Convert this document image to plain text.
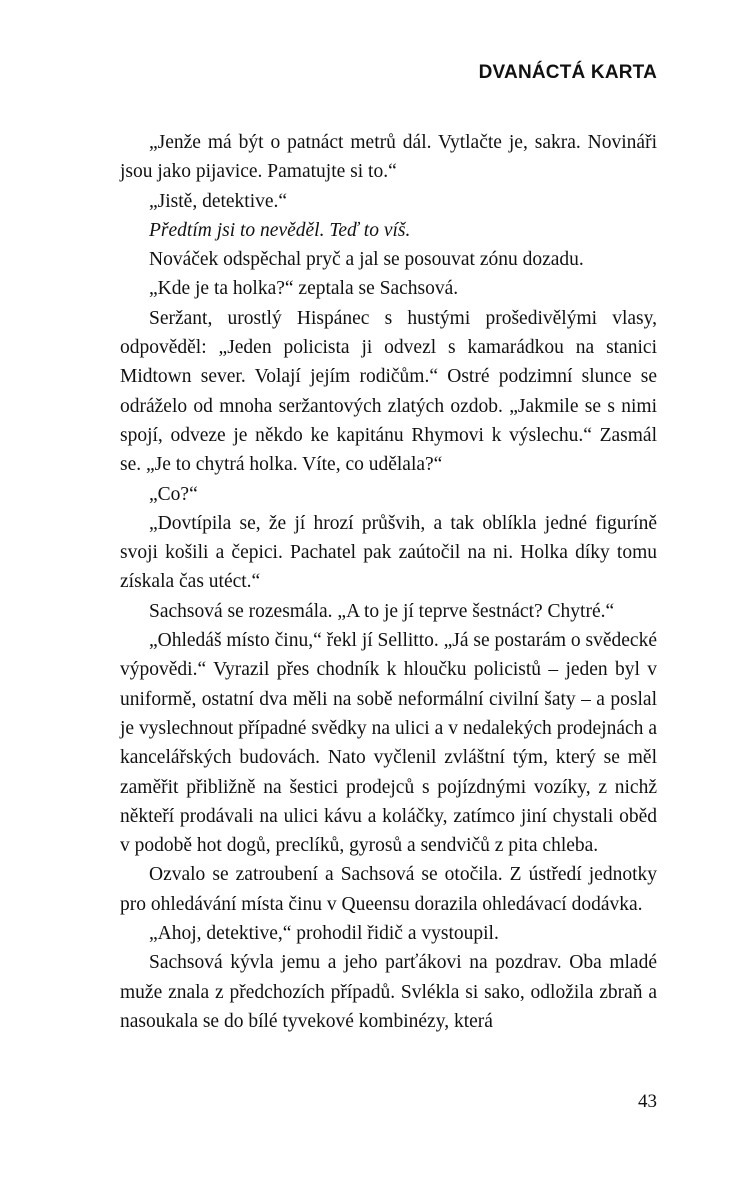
DVANÁCTÁ KARTA

„Jenže má být o patnáct metrů dál. Vytlačte je, sakra. Novináři jsou jako pijavice. Pamatujte si to.“

„Jistě, detektive.“

Předtím jsi to nevěděl. Teď to víš.

Nováček odspěchal pryč a jal se posouvat zónu dozadu.

„Kde je ta holka?“ zeptala se Sachsová.

Seržant, urostlý Hispánec s hustými prošedivělými vlasy, odpověděl: „Jeden policista ji odvezl s kamarádkou na stanici Midtown sever. Volají jejím rodičům.“ Ostré podzimní slunce se odráželo od mnoha seržantových zlatých ozdob. „Jakmile se s nimi spojí, odveze je někdo ke kapitánu Rhymovi k výslechu.“ Zasmál se. „Je to chytrá holka. Víte, co udělala?“

„Co?“

„Dovtípila se, že jí hrozí průšvih, a tak oblíkla jedné figuríně svoji košili a čepici. Pachatel pak zaútočil na ni. Holka díky tomu získala čas utéct.“

Sachsová se rozesmála. „A to je jí teprve šestnáct? Chytré.“

„Ohledáš místo činu,“ řekl jí Sellitto. „Já se postarám o svědecké výpovědi.“ Vyrazil přes chodník k hloučku policistů – jeden byl v uniformě, ostatní dva měli na sobě neformální civilní šaty – a poslal je vyslechnout případné svědky na ulici a v nedalekých prodejnách a kancelářských budovách. Nato vyčlenil zvláštní tým, který se měl zaměřit přibližně na šestici prodejců s pojízdnými vozíky, z nichž někteří prodávali na ulici kávu a koláčky, zatímco jiní chystali oběd v podobě hot dogů, preclíků, gyrosů a sendvičů z pita chleba.

Ozvalo se zatroubení a Sachsová se otočila. Z ústředí jednotky pro ohledávání místa činu v Queensu dorazila ohledávací dodávka.

„Ahoj, detektive,“ prohodil řidič a vystoupil.

Sachsová kývla jemu a jeho parťákovi na pozdrav. Oba mladé muže znala z předchozích případů. Svlékla si sako, odložila zbraň a nasoukala se do bílé tyvekové kombinézy, která

43
